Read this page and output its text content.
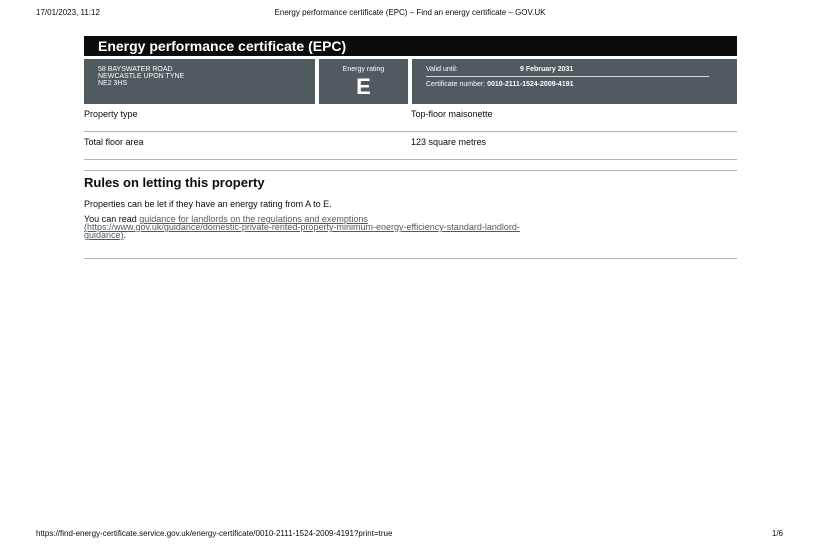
17/01/2023, 11:12	Energy performance certificate (EPC) – Find an energy certificate – GOV.UK
Energy performance certificate (EPC)
58 BAYSWATER ROAD
NEWCASTLE UPON TYNE
NE2 3HS
Energy rating
E
Valid until:	9 February 2031
Certificate number: 0010-2111-1524-2009-4191
Property type	Top-floor maisonette
Total floor area	123 square metres
Rules on letting this property

Properties can be let if they have an energy rating from A to E.

You can read guidance for landlords on the regulations and exemptions
(https://www.gov.uk/guidance/domestic-private-rented-property-minimum-energy-efficiency-standard-landlord-
guidance).

https://find-energy-certificate.service.gov.uk/energy-certificate/0010-2111-1524-2009-4191?print=true	1/6
